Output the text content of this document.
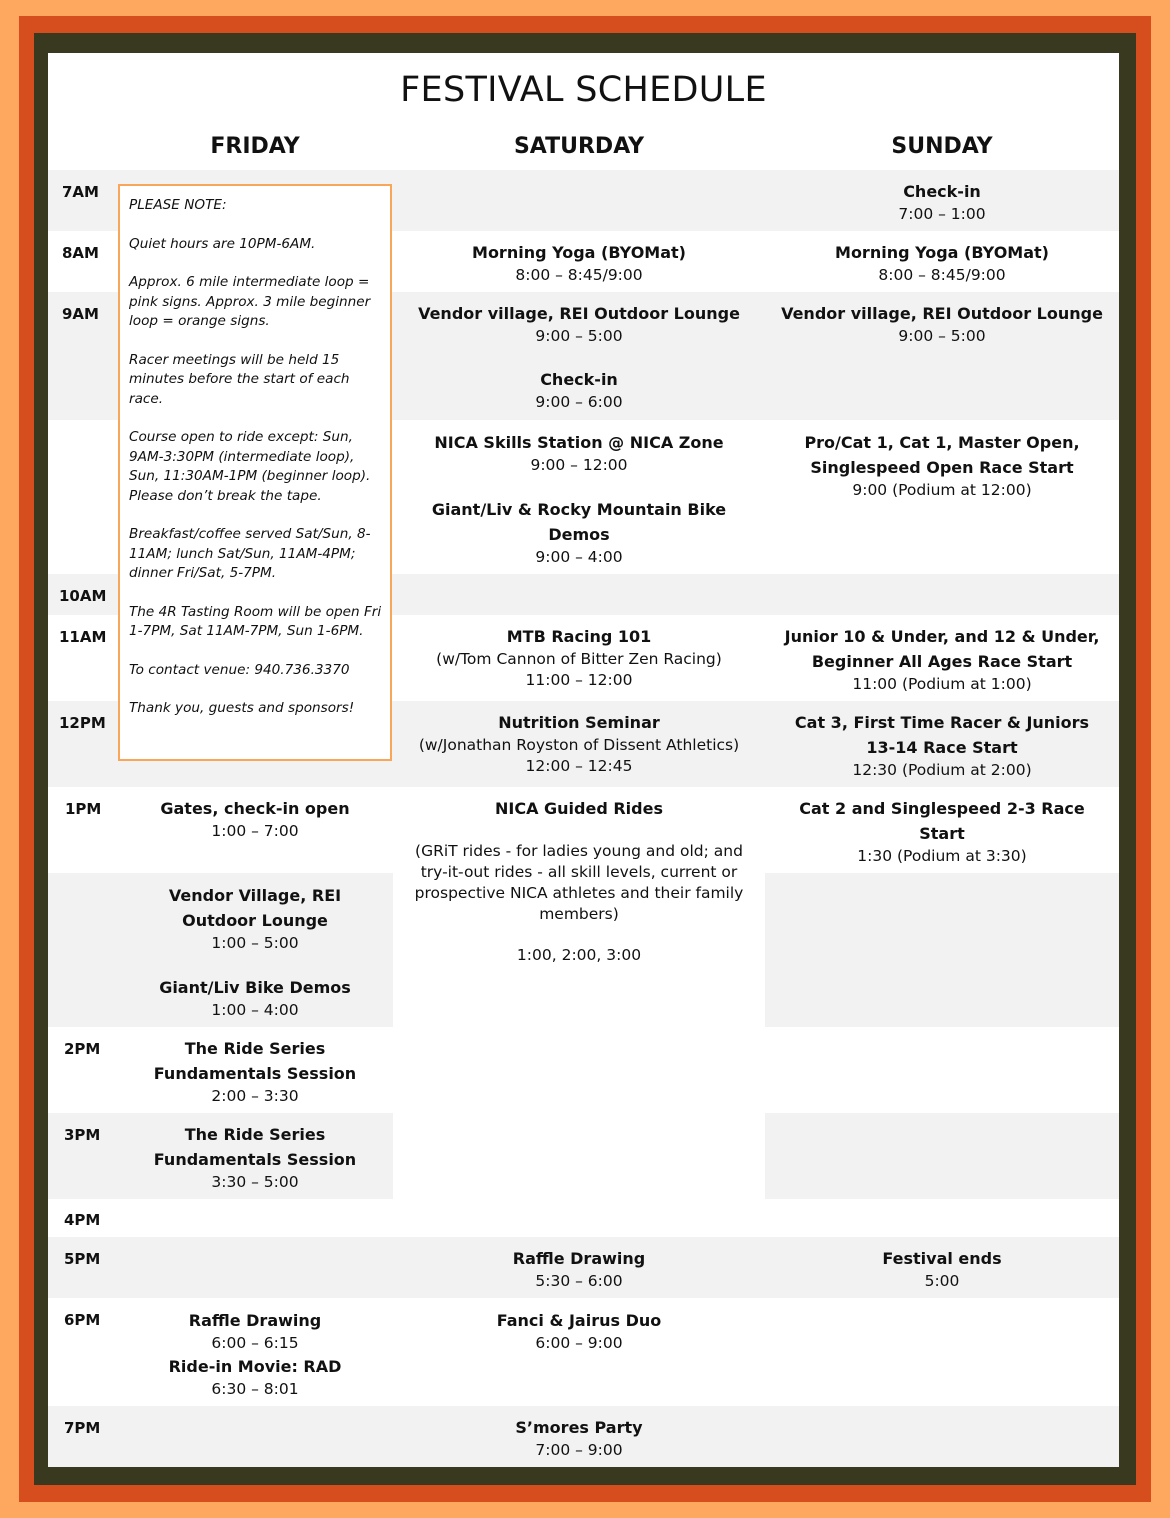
FESTIVAL SCHEDULE
FRIDAY	SATURDAY	SUNDAY
7AM
8AM
9AM
10AM
11AM
12PM
1PM
2PM
3PM
4PM
5PM
6PM
7PM

PLEASE NOTE:

Quiet hours are 10PM-6AM.

Approx. 6 mile intermediate loop = pink signs. Approx. 3 mile beginner loop = orange signs.

Racer meetings will be held 15 minutes before the start of each race.

Course open to ride except: Sun, 9AM-3:30PM (intermediate loop), Sun, 11:30AM-1PM (beginner loop). Please don’t break the tape.

Breakfast/coffee served Sat/Sun, 8-11AM; lunch Sat/Sun, 11AM-4PM; dinner Fri/Sat, 5-7PM.

The 4R Tasting Room will be open Fri 1-7PM, Sat 11AM-7PM, Sun 1-6PM.

To contact venue: 940.736.3370

Thank you, guests and sponsors!

Gates, check-in open
1:00 – 7:00
Vendor Village, REI Outdoor Lounge
1:00 – 5:00
Giant/Liv Bike Demos
1:00 – 4:00
The Ride Series Fundamentals Session
2:00 – 3:30
The Ride Series Fundamentals Session
3:30 – 5:00
Raffle Drawing
6:00 – 6:15
Ride-in Movie: RAD
6:30 – 8:01
Morning Yoga (BYOMat)
8:00 – 8:45/9:00
Vendor village, REI Outdoor Lounge
9:00 – 5:00
Check-in
9:00 – 6:00
NICA Skills Station @ NICA Zone
9:00 – 12:00
Giant/Liv & Rocky Mountain Bike Demos
9:00 – 4:00
MTB Racing 101
(w/Tom Cannon of Bitter Zen Racing)
11:00 – 12:00
Nutrition Seminar
(w/Jonathan Royston of Dissent Athletics)
12:00 – 12:45
NICA Guided Rides
(GRiT rides - for ladies young and old; and try-it-out rides - all skill levels, current or prospective NICA athletes and their family members)
1:00, 2:00, 3:00
Raffle Drawing
5:30 – 6:00
Fanci & Jairus Duo
6:00 – 9:00
S’mores Party
7:00 – 9:00
Check-in
7:00 – 1:00
Morning Yoga (BYOMat)
8:00 – 8:45/9:00
Vendor village, REI Outdoor Lounge
9:00 – 5:00
Pro/Cat 1, Cat 1, Master Open, Singlespeed Open Race Start
9:00 (Podium at 12:00)
Junior 10 & Under, and 12 & Under, Beginner All Ages Race Start
11:00 (Podium at 1:00)
Cat 3, First Time Racer & Juniors 13-14 Race Start
12:30 (Podium at 2:00)
Cat 2 and Singlespeed 2-3 Race Start
1:30 (Podium at 3:30)
Festival ends
5:00
